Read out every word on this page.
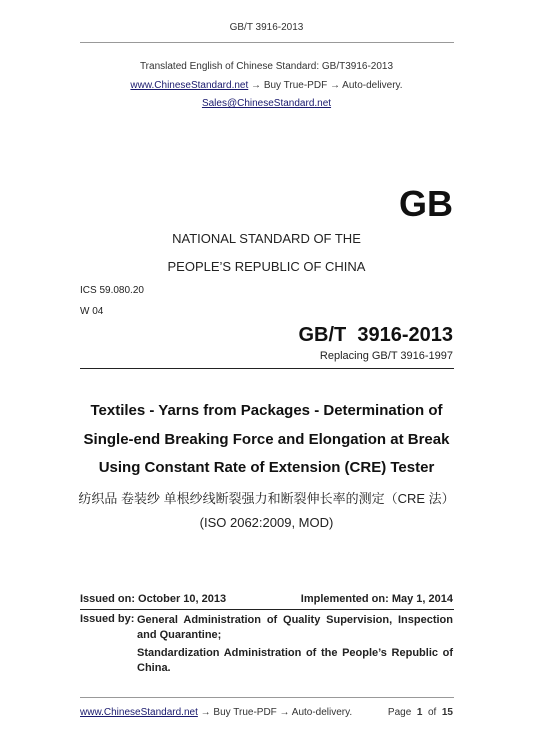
GB/T 3916-2013
Translated English of Chinese Standard: GB/T3916-2013
www.ChineseStandard.net → Buy True-PDF → Auto-delivery.
Sales@ChineseStandard.net
GB
NATIONAL STANDARD OF THE
PEOPLE’S REPUBLIC OF CHINA
ICS 59.080.20
W 04
GB/T  3916-2013
Replacing GB/T 3916-1997
Textiles - Yarns from Packages - Determination of
Single-end Breaking Force and Elongation at Break
Using Constant Rate of Extension (CRE) Tester
纺织品 卷装纱 单根纱线断裂强力和断裂伸长率的测定（CRE 法）
(ISO 2062:2009, MOD)
Issued on: October 10, 2013	Implemented on: May 1, 2014
Issued by: General Administration of Quality Supervision, Inspection and Quarantine;
Standardization Administration of the People’s Republic of China.
www.ChineseStandard.net → Buy True-PDF → Auto-delivery.	Page 1 of 15
